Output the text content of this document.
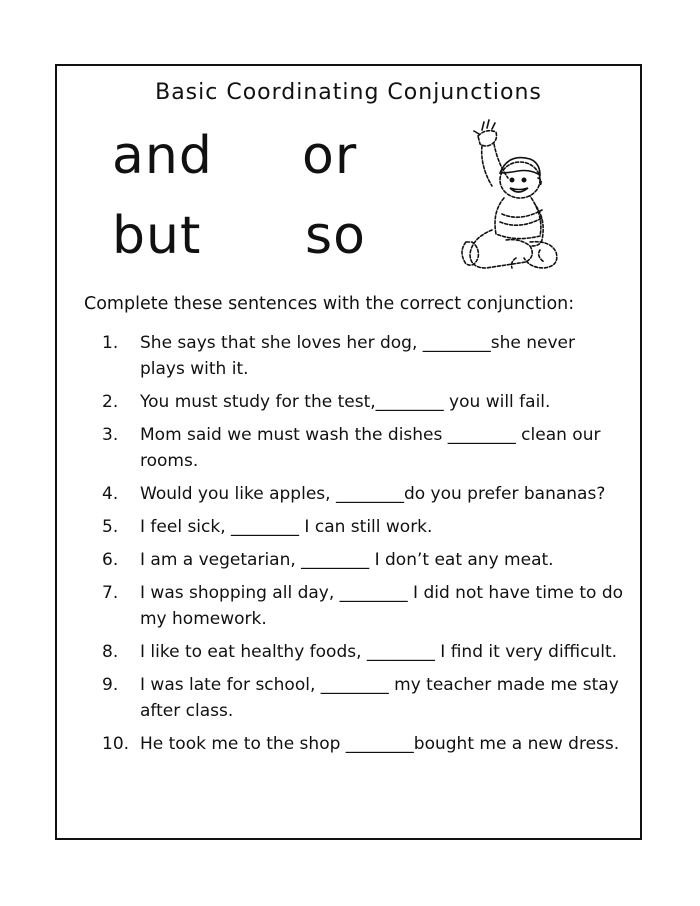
Basic Coordinating Conjunctions
and or
but so
Complete these sentences with the correct conjunction:
1. She says that she loves her dog, ________she never plays with it.
2. You must study for the test,________ you will fail.
3. Mom said we must wash the dishes ________ clean our rooms.
4. Would you like apples, ________do you prefer bananas?
5. I feel sick, ________ I can still work.
6. I am a vegetarian, ________ I don’t eat any meat.
7. I was shopping all day, ________ I did not have time to do my homework.
8. I like to eat healthy foods, ________ I find it very difficult.
9. I was late for school, ________ my teacher made me stay after class.
10. He took me to the shop ________bought me a new dress.
